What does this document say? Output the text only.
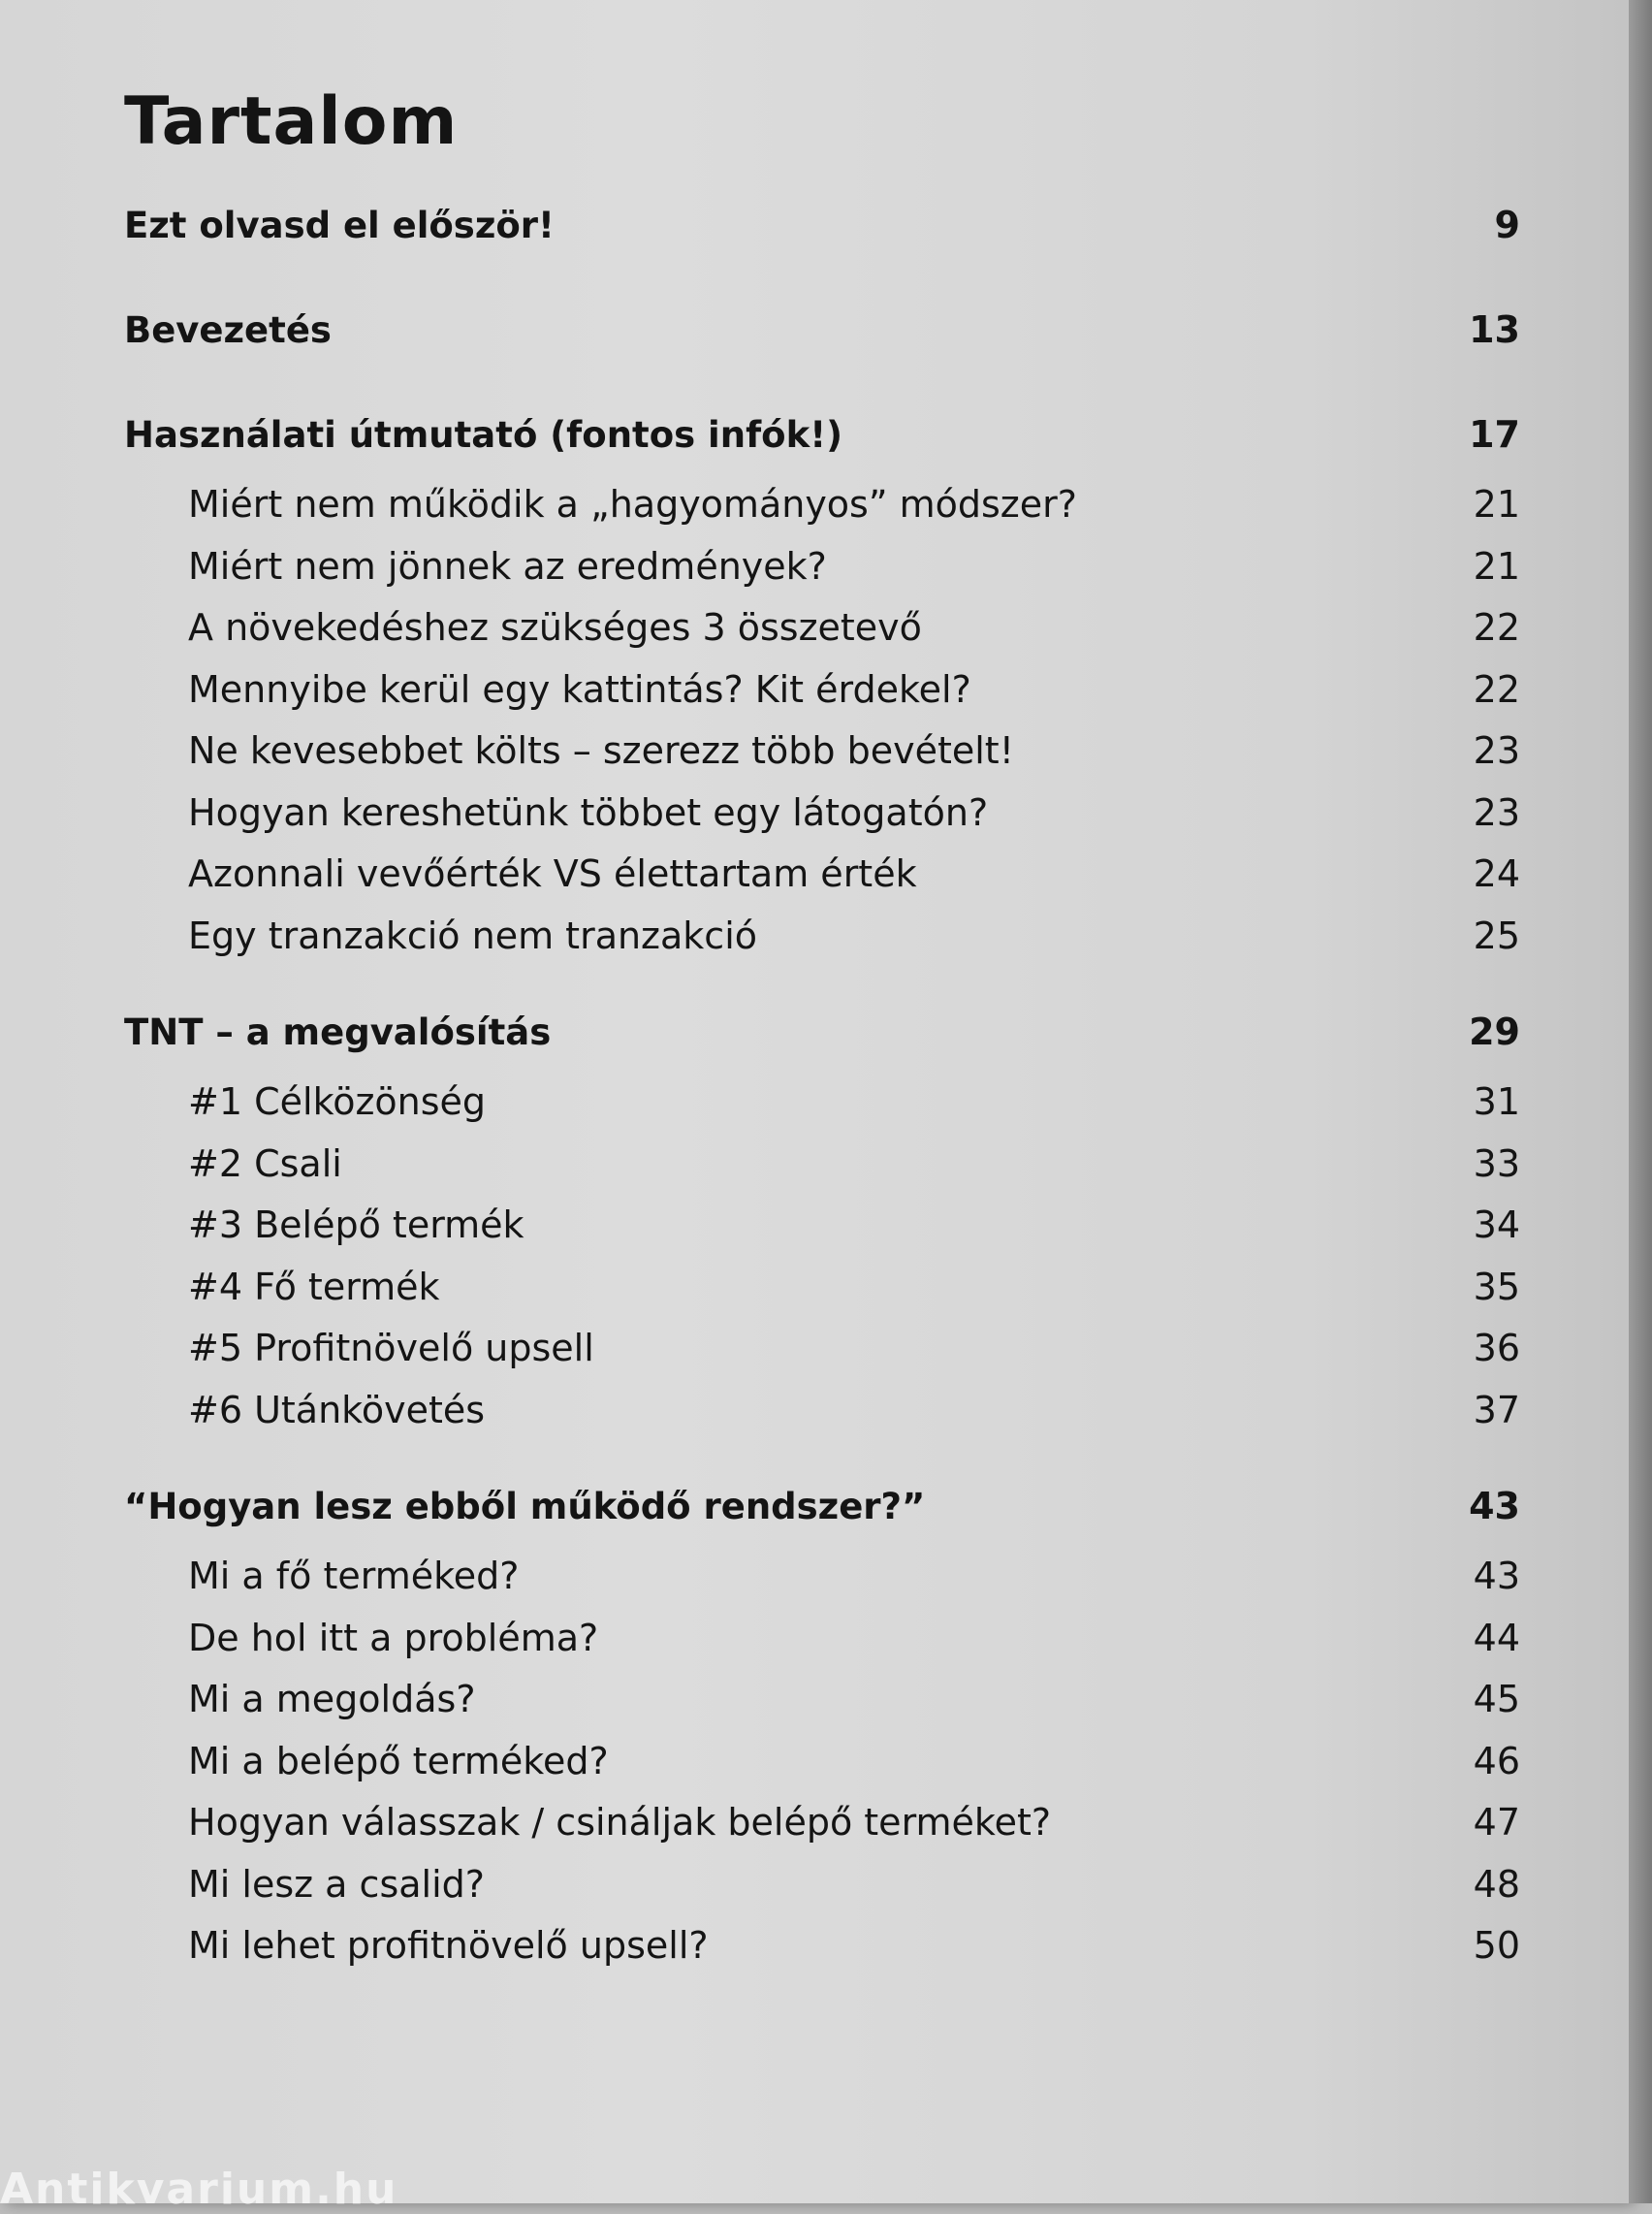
Tartalom
Ezt olvasd el először!	9
Bevezetés	13
Használati útmutató (fontos infók!)	17
Miért nem működik a „hagyományos” módszer?	21
Miért nem jönnek az eredmények?	21
A növekedéshez szükséges 3 összetevő	22
Mennyibe kerül egy kattintás? Kit érdekel?	22
Ne kevesebbet költs – szerezz több bevételt!	23
Hogyan kereshetünk többet egy látogatón?	23
Azonnali vevőérték VS élettartam érték	24
Egy tranzakció nem tranzakció	25
TNT – a megvalósítás	29
#1 Célközönség	31
#2 Csali	33
#3 Belépő termék	34
#4 Fő termék	35
#5 Profitnövelő upsell	36
#6 Utánkövetés	37
“Hogyan lesz ebből működő rendszer?”	43
Mi a fő terméked?	43
De hol itt a probléma?	44
Mi a megoldás?	45
Mi a belépő terméked?	46
Hogyan válasszak / csináljak belépő terméket?	47
Mi lesz a csalid?	48
Mi lehet profitnövelő upsell?	50
Antikvarium.hu
